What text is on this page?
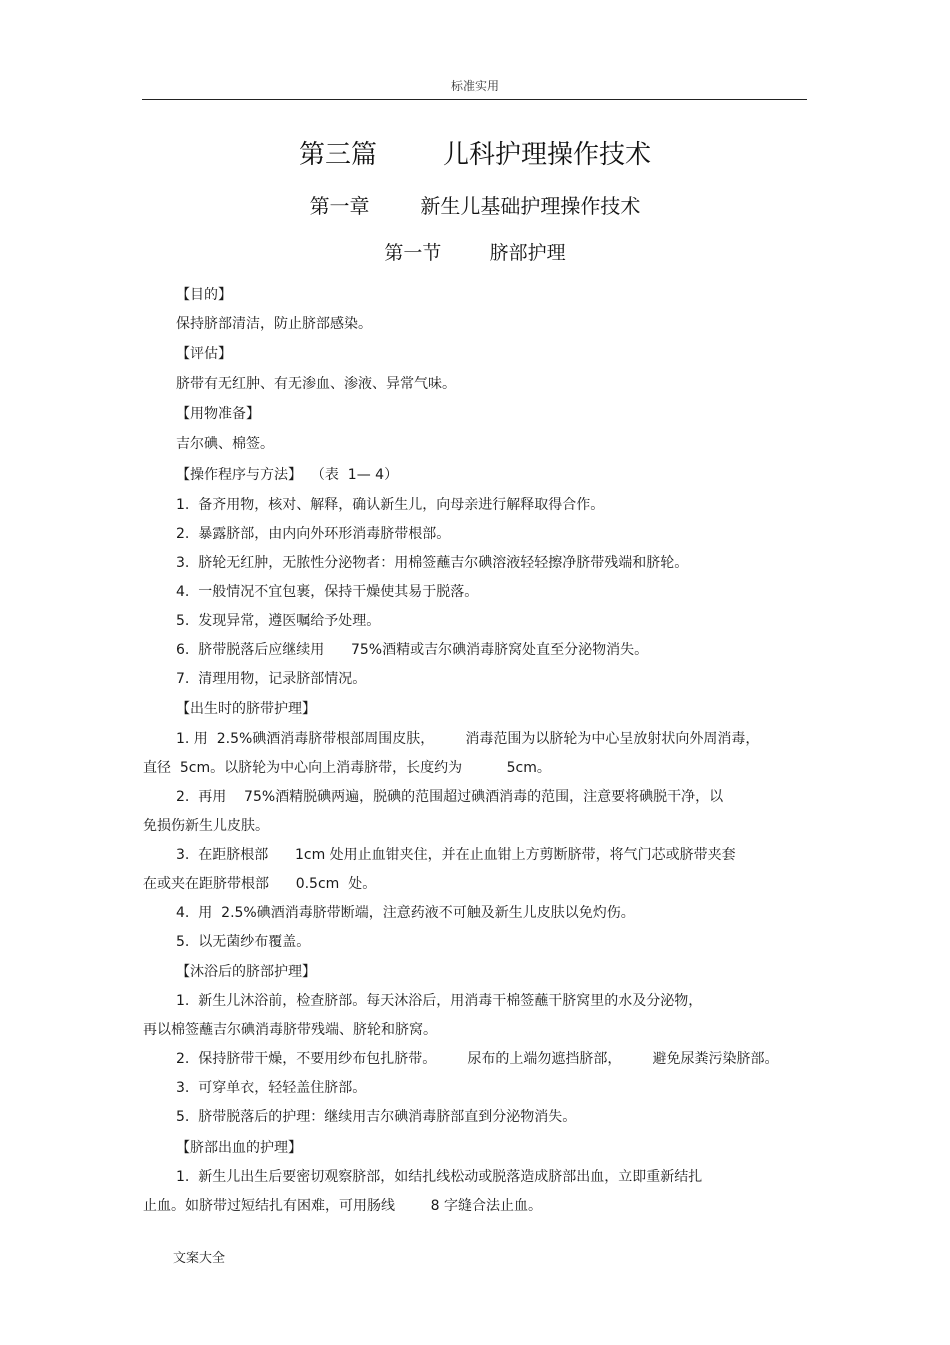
标准实用
第三篇        儿科护理操作技术
第一章        新生儿基础护理操作技术
第一节        脐部护理
【目的】
保持脐部清洁，防止脐部感染。
【评估】
脐带有无红肿、有无渗血、渗液、异常气味。
【用物准备】
吉尔碘、棉签。
【操作程序与方法】  （表  1— 4）
1.  备齐用物，核对、解释，确认新生儿，向母亲进行解释取得合作。
2.  暴露脐部，由内向外环形消毒脐带根部。
3.  脐轮无红肿，无脓性分泌物者：用棉签蘸吉尔碘溶液轻轻擦净脐带残端和脐轮。
4.  一般情况不宜包裹，保持干燥使其易于脱落。
5.  发现异常，遵医嘱给予处理。
6.  脐带脱落后应继续用      75%酒精或吉尔碘消毒脐窝处直至分泌物消失。
7.  清理用物，记录脐部情况。
【出生时的脐带护理】
1. 用  2.5%碘酒消毒脐带根部周围皮肤，       消毒范围为以脐轮为中心呈放射状向外周消毒，
直径  5cm。以脐轮为中心向上消毒脐带，长度约为          5cm。
2.  再用    75%酒精脱碘两遍，脱碘的范围超过碘酒消毒的范围，注意要将碘脱干净，以
免损伤新生儿皮肤。
3.  在距脐根部      1cm 处用止血钳夹住，并在止血钳上方剪断脐带，将气门芯或脐带夹套
在或夹在距脐带根部      0.5cm  处。
4.  用  2.5%碘酒消毒脐带断端，注意药液不可触及新生儿皮肤以免灼伤。
5.  以无菌纱布覆盖。
【沐浴后的脐部护理】
1.  新生儿沐浴前，检查脐部。每天沐浴后，用消毒干棉签蘸干脐窝里的水及分泌物，
再以棉签蘸吉尔碘消毒脐带残端、脐轮和脐窝。
2.  保持脐带干燥，不要用纱布包扎脐带。       尿布的上端勿遮挡脐部，       避免尿粪污染脐部。
3.  可穿单衣，轻轻盖住脐部。
5.  脐带脱落后的护理：继续用吉尔碘消毒脐部直到分泌物消失。
【脐部出血的护理】
1.  新生儿出生后要密切观察脐部，如结扎线松动或脱落造成脐部出血，立即重新结扎
止血。如脐带过短结扎有困难，可用肠线        8 字缝合法止血。
文案大全
